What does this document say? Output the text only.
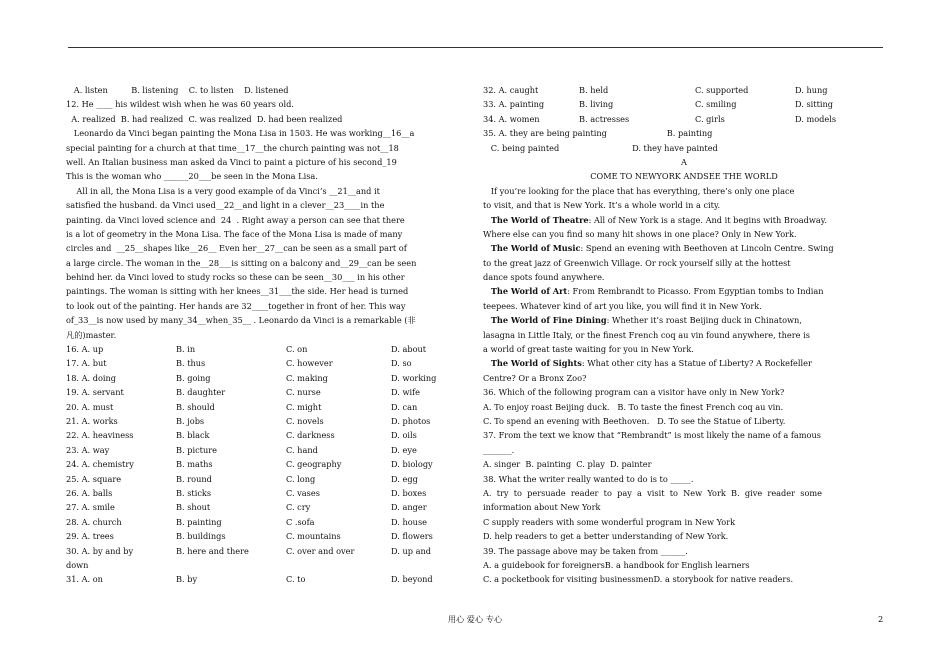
A. listen         B. listening    C. to listen    D. listened
12. He ____ his wildest wish when he was 60 years old.
A. realized  B. had realized  C. was realized  D. had been realized
Leonardo da Vinci began painting the Mona Lisa in 1503. He was working__16__a
special painting for a church at that time__17__the church painting was not__18
well. An Italian business man asked da Vinci to paint a picture of his second_19
This is the woman who ______20___be seen in the Mona Lisa.
All in all, the Mona Lisa is a very good example of da Vinci’s __21__and it
satisfied the husband. da Vinci used__22__and light in a clever__23____in the
painting. da Vinci loved science and  24  . Right away a person can see that there
is a lot of geometry in the Mona Lisa. The face of the Mona Lisa is made of many
circles and  __25__shapes like__26__ Even her__27__can be seen as a small part of
a large circle. The woman in the__28___is sitting on a balcony and__29__can be seen
behind her. da Vinci loved to study rocks so these can be seen__30___ in his other
paintings. The woman is sitting with her knees__31___the side. Her head is turned
to look out of the painting. Her hands are 32____together in front of her. This way
of_33__is now used by many_34__when_35__ . Leonardo da Vinci is a remarkable (非
凡的)master.
16. A. up	B. in	C. on	D. about
17. A. but	B. thus	C. however	D. so
18. A. doing	B. going	C. making	D. working
19. A. servant	B. daughter	C. nurse	D. wife
20. A. must	B. should	C. might	D. can
21. A. works	B. jobs	C. novels	D. photos
22. A. heaviness	B. black	C. darkness	D. oils
23. A. way	B. picture	C. hand	D. eye
24. A. chemistry	B. maths	C. geography	D. biology
25. A. square	B. round	C. long	D. egg
26. A. balls	B. sticks	C. vases	D. boxes
27. A. smile	B. shout	C. cry	D. anger
28. A. church	B. painting	C .sofa	D. house
29. A. trees	B. buildings	C. mountains	D. flowers
30. A. by and by	B. here and there	C. over and over	D. up and
down
31. A. on	B. by	C. to	D. beyond
32. A. caught	B. held	C. supported	D. hung
33. A. painting	B. living	C. smiling	D. sitting
34. A. women	B. actresses	C. girls	D. models
35. A. they are being painting                       B. painting
C. being painted                            D. they have painted
A
COME TO NEWYORK ANDSEE THE WORLD
If you’re looking for the place that has everything, there’s only one place
to visit, and that is New York. It’s a whole world in a city.
The World of Theatre: All of New York is a stage. And it begins with Broadway.
Where else can you find so many hit shows in one place? Only in New York.
The World of Music: Spend an evening with Beethoven at Lincoln Centre. Swing
to the great jazz of Greenwich Village. Or rock yourself silly at the hottest
dance spots found anywhere.
The World of Art: From Rembrandt to Picasso. From Egyptian tombs to Indian
teepees. Whatever kind of art you like, you will find it in New York.
The World of Fine Dining: Whether it’s roast Beijing duck in Chinatown,
lasagna in Little Italy, or the finest French coq au vin found anywhere, there is
a world of great taste waiting for you in New York.
The World of Sights: What other city has a Statue of Liberty? A Rockefeller
Centre? Or a Bronx Zoo?
36. Which of the following program can a visitor have only in New York?
A. To enjoy roast Beijing duck.   B. To taste the finest French coq au vin.
C. To spend an evening with Beethoven.   D. To see the Statue of Liberty.
37. From the text we know that “Rembrandt” is most likely the name of a famous
_______.
A. singer  B. painting  C. play  D. painter
38. What the writer really wanted to do is to _____.
A.  try  to  persuade  reader  to  pay  a  visit  to  New  York  B.  give  reader  some
information about New York
C supply readers with some wonderful program in New York
D. help readers to get a better understanding of New York.
39. The passage above may be taken from ______.
A. a guidebook for foreignersB. a handbook for English learners
C. a pocketbook for visiting businessmenD. a storybook for native readers.
用心 爱心 专心	2
